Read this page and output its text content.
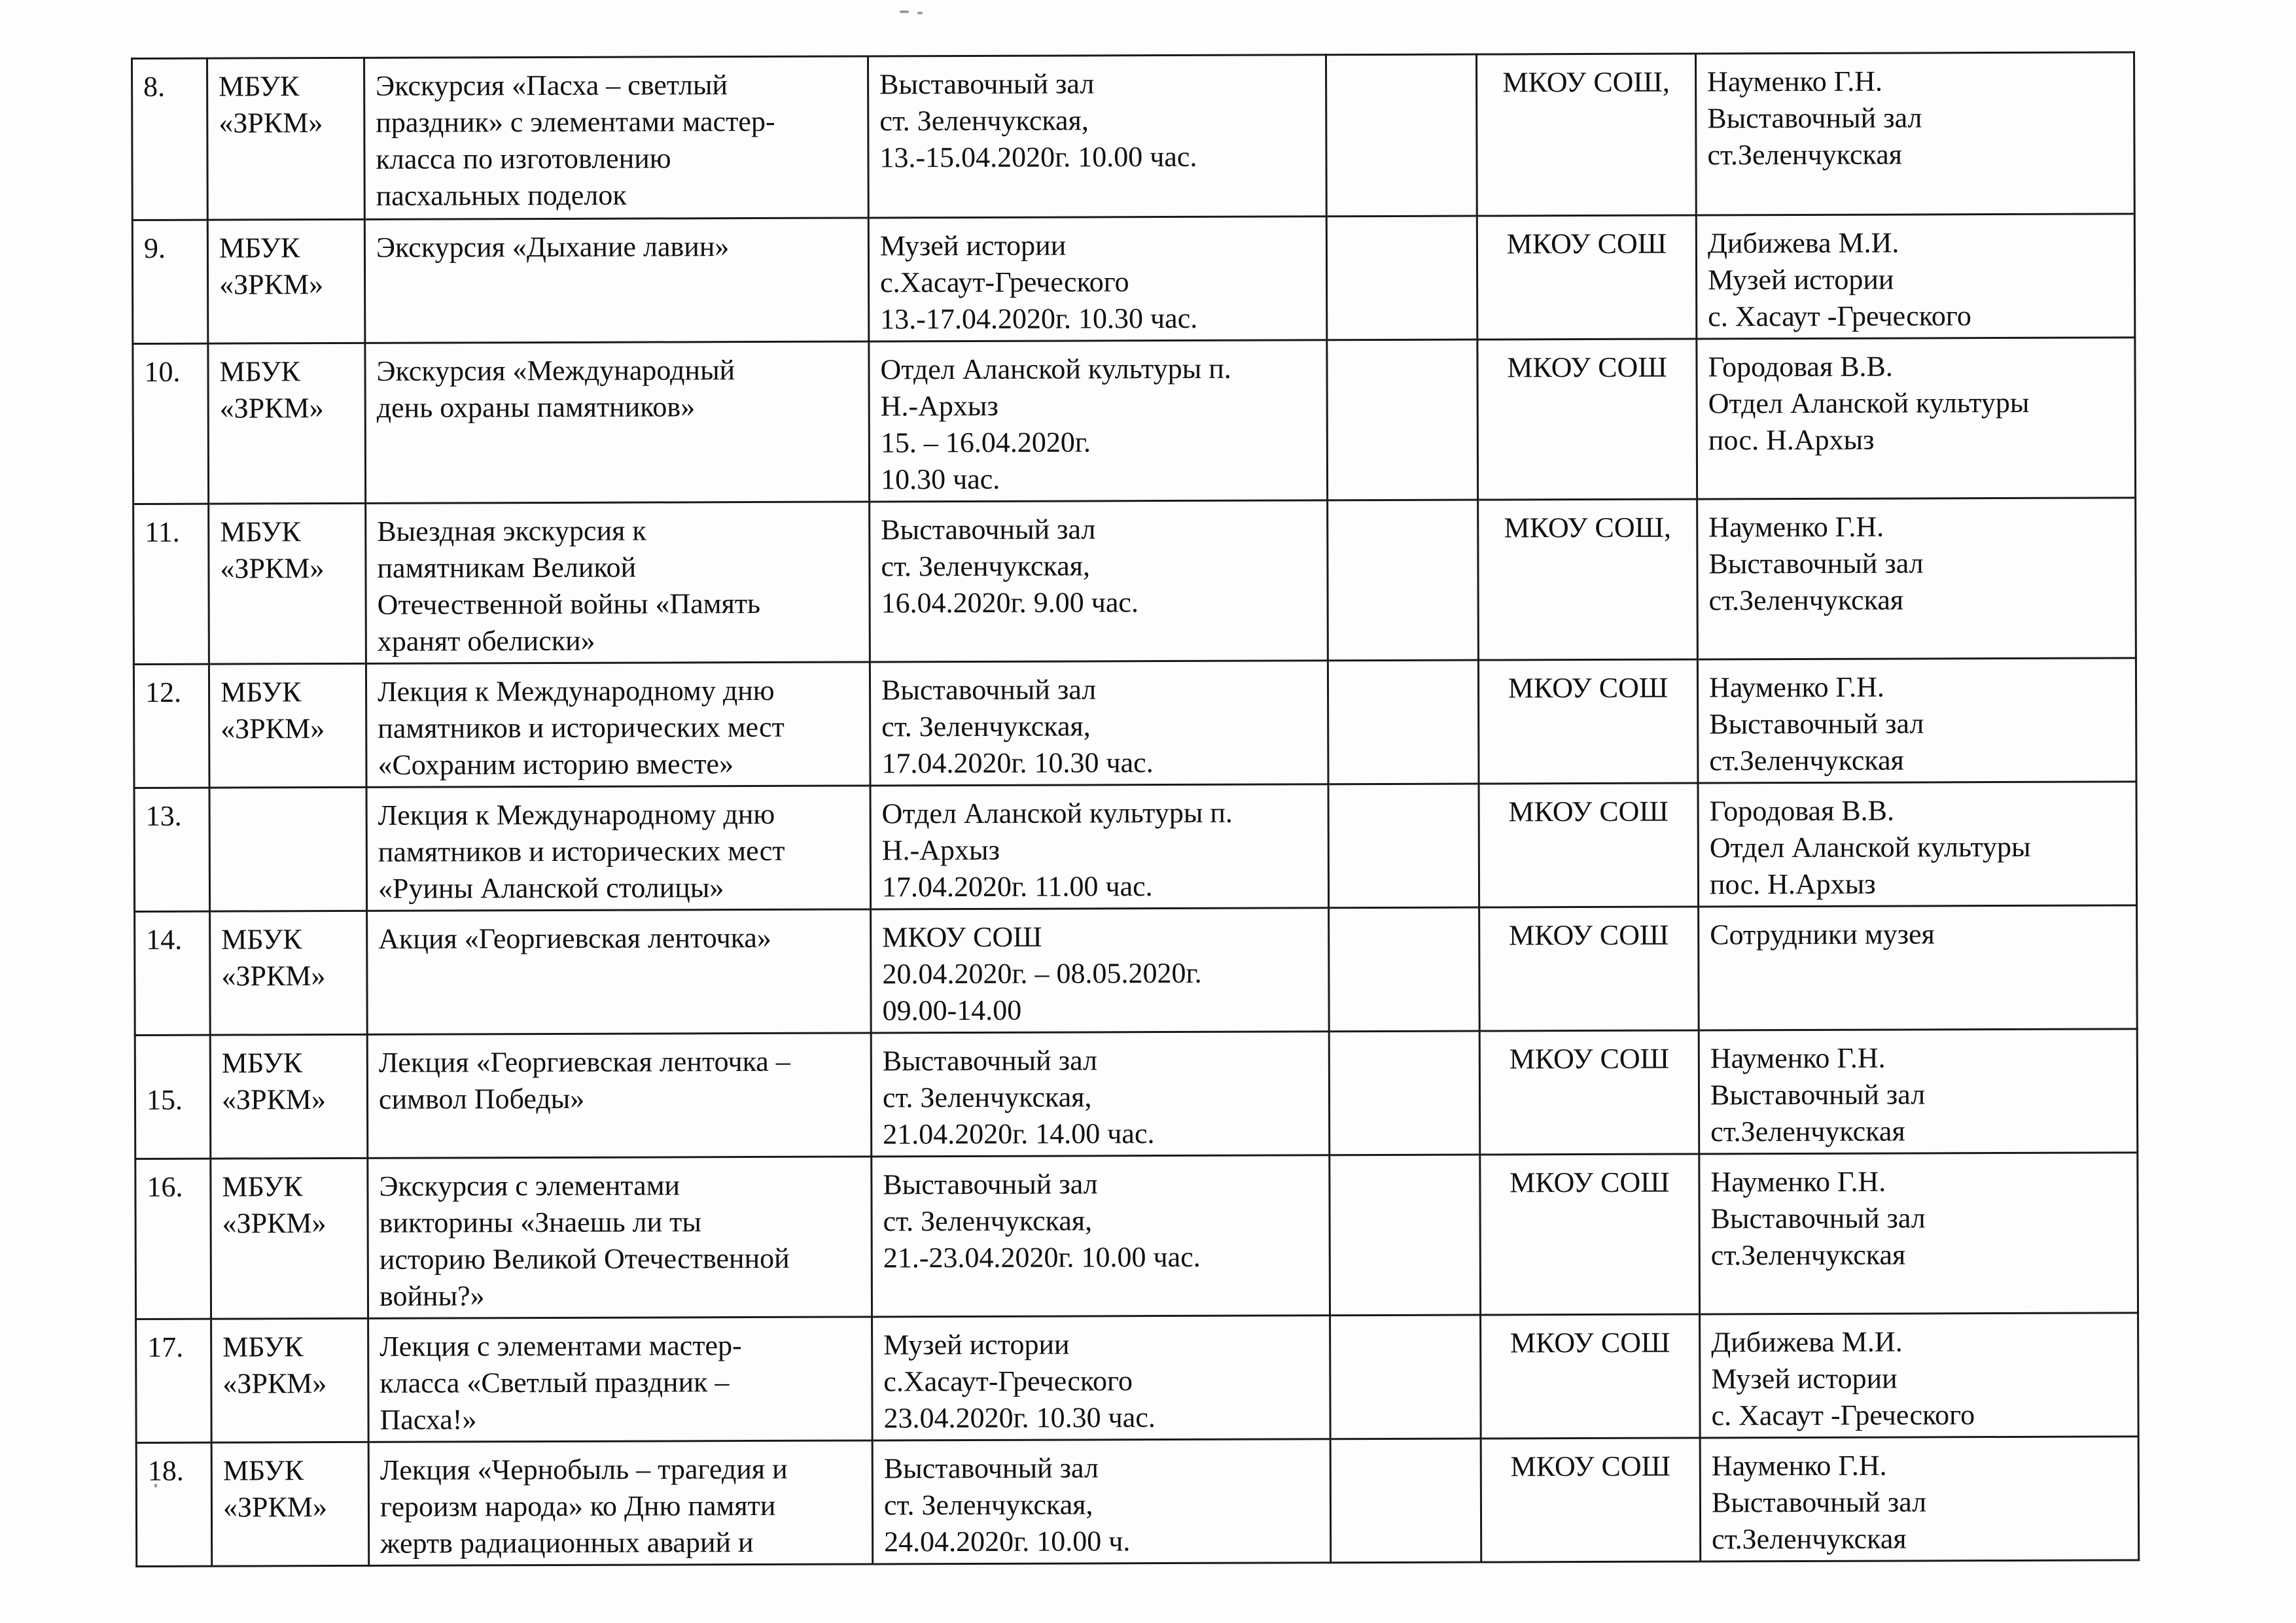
8.	МБУК
«ЗРКМ»	Экскурсия «Пасха – светлый
праздник» с элементами мастер-
класса по изготовлению
пасхальных поделок	Выставочный зал
ст. Зеленчукская,
13.-15.04.2020г. 10.00 час.		МКОУ СОШ,	Науменко Г.Н.
Выставочный зал
ст.Зеленчукская

9.	МБУК
«ЗРКМ»	Экскурсия «Дыхание лавин»	Музей истории
с.Хасаут-Греческого
13.-17.04.2020г. 10.30 час.		МКОУ СОШ	Дибижева М.И.
Музей истории
с. Хасаут -Греческого

10.	МБУК
«ЗРКМ»	Экскурсия «Международный
день охраны памятников»	Отдел Аланской культуры п.
Н.-Архыз
15. – 16.04.2020г.
10.30 час.		МКОУ СОШ	Городовая В.В.
Отдел Аланской культуры
пос. Н.Архыз

11.	МБУК
«ЗРКМ»	Выездная экскурсия к
памятникам Великой
Отечественной войны «Память
хранят обелиски»	Выставочный зал
ст. Зеленчукская,
16.04.2020г. 9.00 час.		МКОУ СОШ,	Науменко Г.Н.
Выставочный зал
ст.Зеленчукская

12.	МБУК
«ЗРКМ»	Лекция к Международному дню
памятников и исторических мест
«Сохраним историю вместе»	Выставочный зал
ст. Зеленчукская,
17.04.2020г. 10.30 час.		МКОУ СОШ	Науменко Г.Н.
Выставочный зал
ст.Зеленчукская

13.		Лекция к Международному дню
памятников и исторических мест
«Руины Аланской столицы»	Отдел Аланской культуры п.
Н.-Архыз
17.04.2020г. 11.00 час.		МКОУ СОШ	Городовая В.В.
Отдел Аланской культуры
пос. Н.Архыз

14.	МБУК
«ЗРКМ»	Акция «Георгиевская ленточка»	МКОУ СОШ
20.04.2020г. – 08.05.2020г.
09.00-14.00		МКОУ СОШ	Сотрудники музея

15.	МБУК
«ЗРКМ»	Лекция «Георгиевская ленточка –
символ Победы»	Выставочный зал
ст. Зеленчукская,
21.04.2020г. 14.00 час.		МКОУ СОШ	Науменко Г.Н.
Выставочный зал
ст.Зеленчукская

16.	МБУК
«ЗРКМ»	Экскурсия с элементами
викторины «Знаешь ли ты
историю Великой Отечественной
войны?»	Выставочный зал
ст. Зеленчукская,
21.-23.04.2020г. 10.00 час.		МКОУ СОШ	Науменко Г.Н.
Выставочный зал
ст.Зеленчукская

17.	МБУК
«ЗРКМ»	Лекция с элементами мастер-
класса «Светлый праздник –
Пасха!»	Музей истории
с.Хасаут-Греческого
23.04.2020г. 10.30 час.		МКОУ СОШ	Дибижева М.И.
Музей истории
с. Хасаут -Греческого

18.	МБУК
«ЗРКМ»	Лекция «Чернобыль – трагедия и
героизм народа» ко Дню памяти
жертв радиационных аварий и	Выставочный зал
ст. Зеленчукская,
24.04.2020г. 10.00 ч.		МКОУ СОШ	Науменко Г.Н.
Выставочный зал
ст.Зеленчукская
